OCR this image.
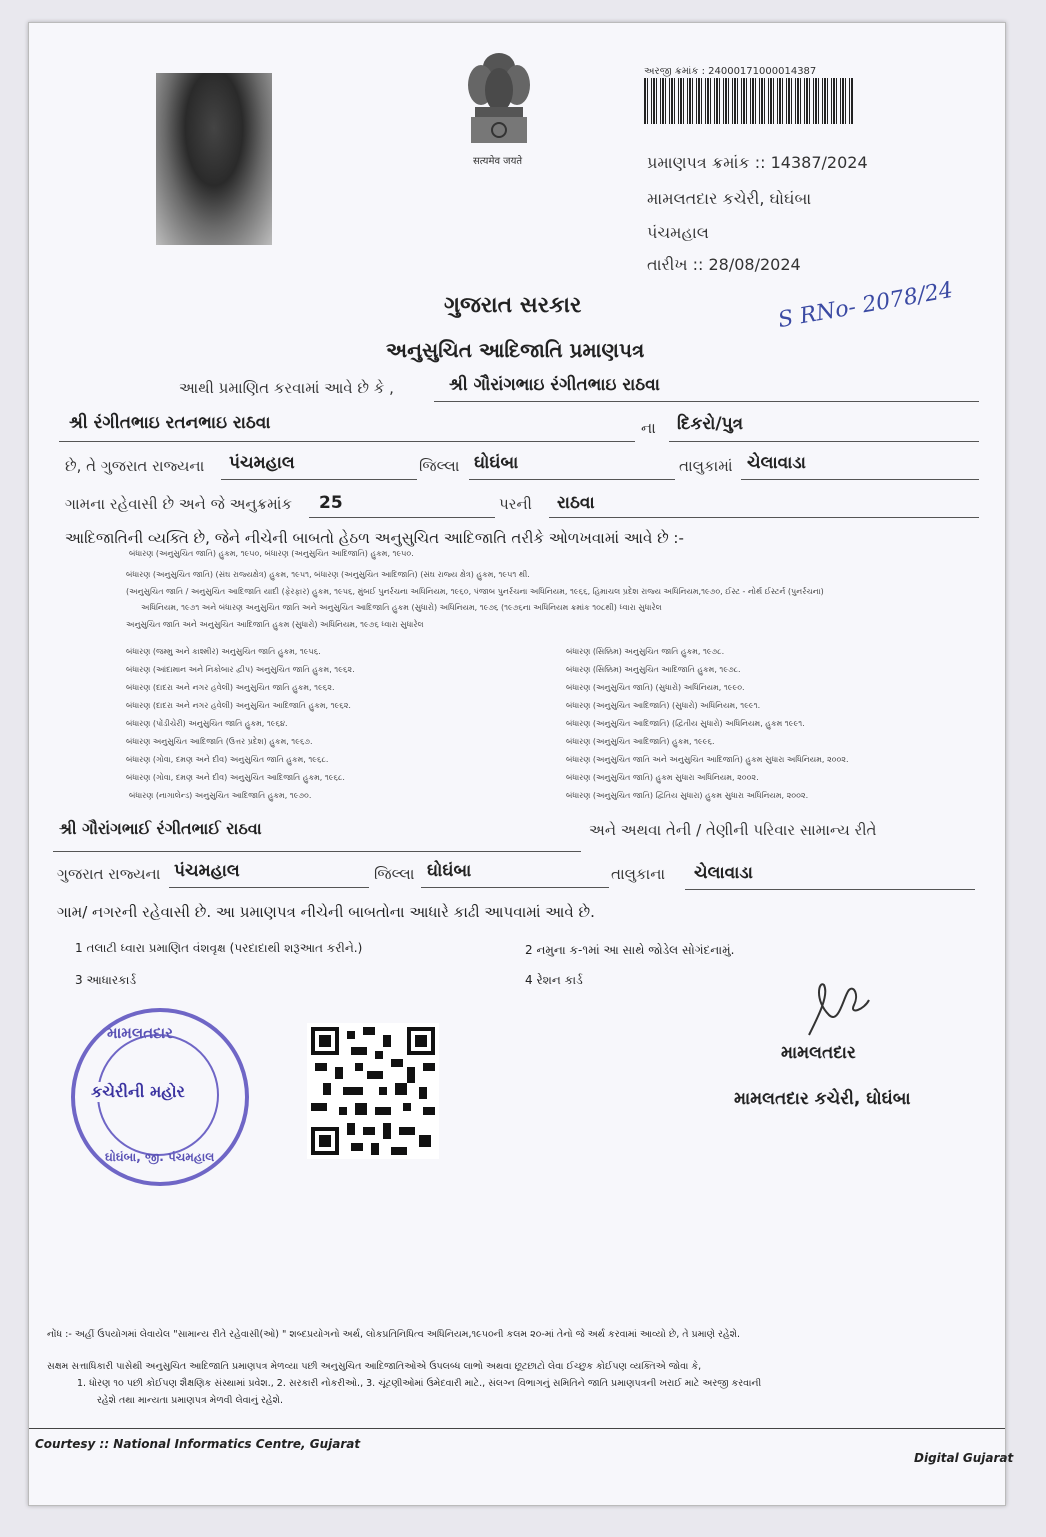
सत्यमेव जयते
અરજી ક્રમાંક : 24000171000014387
પ્રમાણપત્ર ક્રમાંક :: 14387/2024
મામલતદાર કચેરી, ઘોઘંબા
પંચમહાલ
તારીખ :: 28/08/2024
S RNo- 2078/24
ગુજરાત સરકાર
અનુસુચિત આદિજાતિ પ્રમાણપત્ર
આથી પ્રમાણિત કરવામાં આવે છે કે ,	શ્રી ગૌરાંગભાઇ રંગીતભાઇ રાઠવા
શ્રી રંગીતભાઇ રતનભાઇ રાઠવા	ના દિકરો/પુત્ર
છે, તે ગુજરાત રાજ્યના પંચમહાલ	જિલ્લા ઘોઘંબા	તાલુકામાં ચેલાવાડા
ગામના રહેવાસી છે અને જે અનુક્રમાંક 25	પરની રાઠવા
આદિજાતિની વ્યક્તિ છે, જેને નીચેની બાબતો હેઠળ અનુસુચિત આદિજાતિ તરીકે ઓળખવામાં આવે છે :-
બંધારણ (અનુસુચિત જાતિ) હુકમ, ૧૯૫૦, બંધારણ (અનુસુચિત આદિજાતિ) હુકમ, ૧૯૫૦.
બંધારણ (અનુસુચિત જાતિ) (સંઘ રાજ્યક્ષેત્ર) હુકમ, ૧૯૫૧, બંધારણ (અનુસુચિત આદિજાતિ) (સંઘ રાજ્ય ક્ષેત્ર) હુકમ, ૧૯૫૧ થી.
(અનુસુચિત જાતિ / અનુસુચિત આદિજાતિ યાદી (ફેરફાર) હુકમ, ૧૯૫૬, મુંબઈ પુનર્રચના અધિનિયમ, ૧૯૬૦, પંજાબ પુનર્રચના અધિનિયમ, ૧૯૬૬, હિમાચલ પ્રદેશ રાજ્ય અધિનિયમ,૧૯૭૦, ઈસ્ટ - નોર્થ ઈસ્ટર્ન (પુનર્રચના)
અધિનિયમ, ૧૯૭૧ અને બંધારણ અનુસુચિત જાતિ અને અનુસુચિત આદિજાતિ હુકમ (સુધારો) અધિનિયમ, ૧૯૭૬ (૧૯૭૬ના અધિનિયમ ક્રમાંક ૧૦૮થી) ધ્વારા સુધારેલ
અનુસુચિત જાતિ અને અનુસુચિત આદિજાતિ હુકમ (સુધારો) અધિનિયમ, ૧૯૭૬ ધ્વારા સુધારેલ
બંધારણ (જમ્મુ અને કાશ્મીર) અનુસુચિત જાતિ હુકમ, ૧૯૫૬.
બંધારણ (આંદામાન અને નિકોબાર દ્વીપ) અનુસુચિત જાતિ હુકમ, ૧૯૬૨.
બંધારણ (દાદરા અને નગર હવેલી) અનુસુચિત જાતિ હુકમ, ૧૯૬૨.
બંધારણ (દાદરા અને નગર હવેલી) અનુસુચિત આદિજાતિ હુકમ, ૧૯૬૨.
બંધારણ (પોંડીચેરી) અનુસુચિત જાતિ હુકમ, ૧૯૬૪.
બંધારણ અનુસુચિત આદિજાતિ (ઉત્તર પ્રદેશ) હુકમ, ૧૯૬૭.
બંધારણ (ગોવા, દમણ અને દીવ) અનુસુચિત જાતિ હુકમ, ૧૯૬૮.
બંધારણ (ગોવા, દમણ અને દીવ) અનુસુચિત આદિજાતિ હુકમ, ૧૯૬૮.
બંધારણ (નાગાલેન્ડ) અનુસુચિત આદિજાતિ હુકમ, ૧૯૭૦.
બંધારણ (સિક્કિમ) અનુસુચિત જાતિ હુકમ, ૧૯૭૮.
બંધારણ (સિક્કિમ) અનુસુચિત આદિજાતિ હુકમ, ૧૯૭૮.
બંધારણ (અનુસુચિત જાતિ) (સુધારો) અધિનિયમ, ૧૯૯૦.
બંધારણ (અનુસુચિત આદિજાતિ) (સુધારો) અધિનિયમ, ૧૯૯૧.
બંધારણ (અનુસુચિત આદિજાતિ) (દ્વિતીય સુધારો) અધિનિયમ, હુકમ ૧૯૯૧.
બંધારણ (અનુસુચિત આદિજાતિ) હુકમ, ૧૯૯૬.
બંધારણ (અનુસુચિત જાતિ અને અનુસુચિત આદિજાતિ) હુકમ સુધારા અધિનિયમ, ૨૦૦૨.
બંધારણ (અનુસુચિત જાતિ) હુકમ સુધારા અધિનિયમ, ૨૦૦૨.
બંધારણ (અનુસુચિત જાતિ) દ્વિતિય સુધારા) હુકમ સુધારા અધિનિયમ, ૨૦૦૨.
શ્રી ગૌરાંગભાઈ રંગીતભાઈ રાઠવા	અને અથવા તેની / તેણીની પરિવાર સામાન્ય રીતે
ગુજરાત રાજ્યના પંચમહાલ	જિલ્લા ઘોઘંબા	તાલુકાના ચેલાવાડા
ગામ/ નગરની રહેવાસી છે. આ પ્રમાણપત્ર નીચેની બાબતોના આધારે કાઢી આપવામાં આવે છે.
1 તલાટી ધ્વારા પ્રમાણિત વંશવૃક્ષ (પરદાદાથી શરૂઆત કરીને.)	2 નમુના ક-૧માં આ સાથે જોડેલ સોગંદનામું.
3 આધારકાર્ડ	4 રેશન કાર્ડ
મામલતદાર
કચેરીની મહોર
ઘોઘંબા, જી. પંચમહાલ
મામલતદાર
મામલતદાર કચેરી, ઘોઘંબા
નોંધ :- અહીં ઉપયોગમાં લેવાયેલ "સામાન્ય રીતે રહેવાસી(ઓ) " શબ્દપ્રયોગનો અર્થ, લોકપ્રતિનિધિત્વ અધિનિયમ,૧૯૫૦ની કલમ ૨૦-માં તેનો જે અર્થ કરવામાં આવ્યો છે, તે પ્રમાણે રહેશે.
સક્ષમ સત્તાધિકારી પાસેથી અનુસુચિત આદિજાતિ પ્રમાણપત્ર મેળવ્યા પછી અનુસુચિત આદિજાતિઓએ ઉપલબ્ધ લાભો અથવા છૂટછાટો લેવા ઈચ્છુક કોઈપણ વ્યક્તિએ જોવા કે,
1. ધોરણ ૧૦ પછી કોઈપણ શૈક્ષણિક સંસ્થામાં પ્રવેશ., 2. સરકારી નોકરીઓ., 3. ચૂંટણીઓમાં ઉમેદવારી માટે., સંલગ્ન વિભાગનું સમિતિને જાતિ પ્રમાણપત્રની ખરાઈ માટે અરજી કરવાની
રહેશે તથા માન્યતા પ્રમાણપત્ર મેળવી લેવાનું રહેશે.
Courtesy :: National Informatics Centre, Gujarat
Digital Gujarat
